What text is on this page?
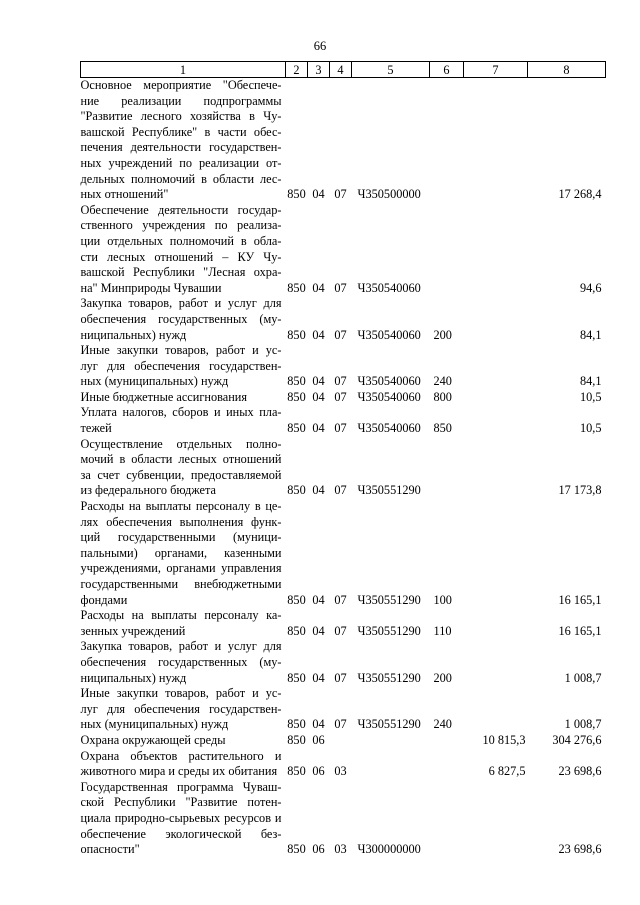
66
1	2	3	4	5	6	7	8
Основное мероприятие "Обеспече- ние реализации подпрограммы "Развитие лесного хозяйства в Чу- вашской Республике" в части обес- печения деятельности государствен- ных учреждений по реализации от- дельных полномочий в области лес- ных отношений"	850	04	07	Ч350500000			17 268,4
Обеспечение деятельности государ- ственного учреждения по реализа- ции отдельных полномочий в обла- сти лесных отношений – КУ Чу- вашской Республики "Лесная охра- на" Минприроды Чувашии	850	04	07	Ч350540060			94,6
Закупка товаров, работ и услуг для обеспечения государственных (му- ниципальных) нужд	850	04	07	Ч350540060	200		84,1
Иные закупки товаров, работ и ус- луг для обеспечения государствен- ных (муниципальных) нужд	850	04	07	Ч350540060	240		84,1
Иные бюджетные ассигнования	850	04	07	Ч350540060	800		10,5
Уплата налогов, сборов и иных пла- тежей	850	04	07	Ч350540060	850		10,5
Осуществление отдельных полно- мочий в области лесных отношений за счет субвенции, предоставляемой из федерального бюджета	850	04	07	Ч350551290			17 173,8
Расходы на выплаты персоналу в це- лях обеспечения выполнения функ- ций государственными (муници- пальными) органами, казенными учреждениями, органами управления государственными внебюджетными фондами	850	04	07	Ч350551290	100		16 165,1
Расходы на выплаты персоналу ка- зенных учреждений	850	04	07	Ч350551290	110		16 165,1
Закупка товаров, работ и услуг для обеспечения государственных (му- ниципальных) нужд	850	04	07	Ч350551290	200		1 008,7
Иные закупки товаров, работ и ус- луг для обеспечения государствен- ных (муниципальных) нужд	850	04	07	Ч350551290	240		1 008,7
Охрана окружающей среды	850	06				10 815,3	304 276,6
Охрана объектов растительного и животного мира и среды их обитания	850	06	03			6 827,5	23 698,6
Государственная программа Чуваш- ской Республики "Развитие потен- циала природно-сырьевых ресурсов и обеспечение экологической без- опасности"	850	06	03	Ч300000000			23 698,6
